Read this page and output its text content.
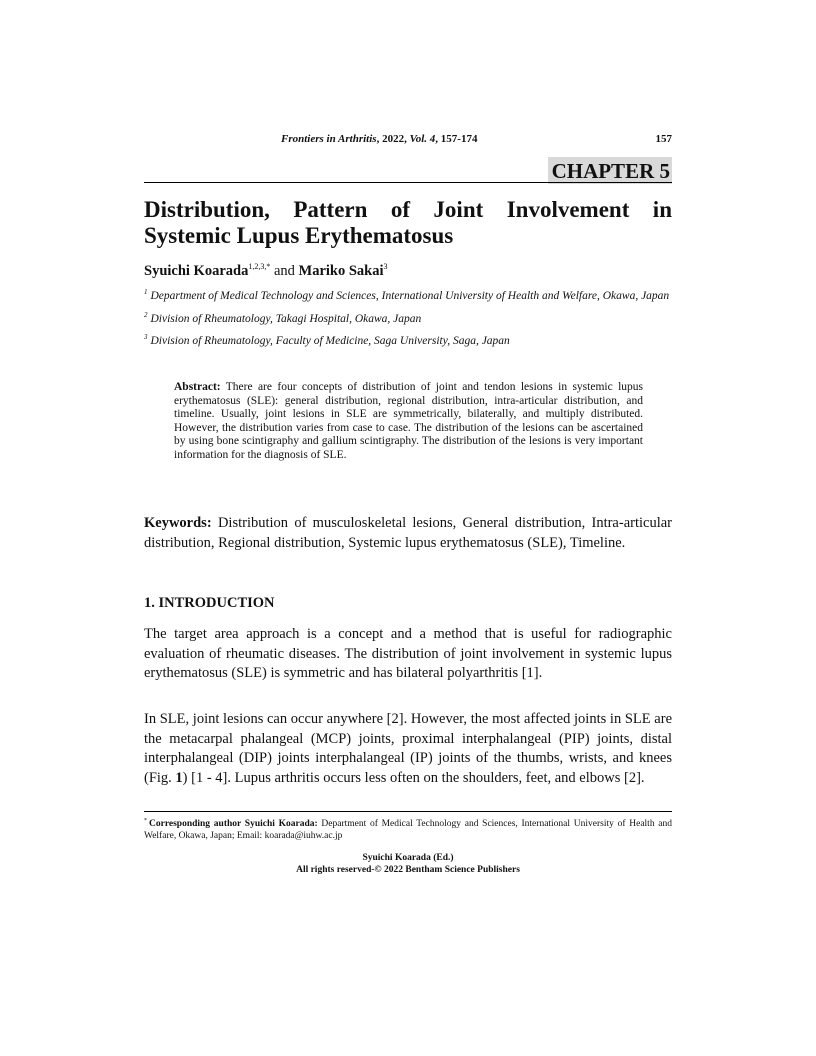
Frontiers in Arthritis, 2022, Vol. 4, 157-174	157
CHAPTER 5
Distribution, Pattern of Joint Involvement in
Systemic Lupus Erythematosus
Syuichi Koarada$^{1,2,3,*}$ and Mariko Sakai$^3$
$^1$ Department of Medical Technology and Sciences, International University of Health and Welfare, Okawa, Japan
$^2$ Division of Rheumatology, Takagi Hospital, Okawa, Japan
$^3$ Division of Rheumatology, Faculty of Medicine, Saga University, Saga, Japan
Abstract: There are four concepts of distribution of joint and tendon lesions in systemic lupus erythematosus (SLE): general distribution, regional distribution, intra-articular distribution, and timeline. Usually, joint lesions in SLE are symmetrically, bilaterally, and multiply distributed. However, the distribution varies from case to case. The distribution of the lesions can be ascertained by using bone scintigraphy and gallium scintigraphy. The distribution of the lesions is very important information for the diagnosis of SLE.
Keywords: Distribution of musculoskeletal lesions, General distribution, Intra-articular distribution, Regional distribution, Systemic lupus erythematosus (SLE), Timeline.
1. INTRODUCTION

The target area approach is a concept and a method that is useful for radiographic evaluation of rheumatic diseases. The distribution of joint involvement in systemic lupus erythematosus (SLE) is symmetric and has bilateral polyarthritis [1].

In SLE, joint lesions can occur anywhere [2]. However, the most affected joints in SLE are the metacarpal phalangeal (MCP) joints, proximal interphalangeal (PIP) joints, distal interphalangeal (DIP) joints interphalangeal (IP) joints of the thumbs, wrists, and knees (Fig. 1) [1 - 4]. Lupus arthritis occurs less often on the shoulders, feet, and elbows [2].

* Corresponding author Syuichi Koarada: Department of Medical Technology and Sciences, International University of Health and Welfare, Okawa, Japan; Email: koarada@iuhw.ac.jp
Syuichi Koarada (Ed.)
All rights reserved-© 2022 Bentham Science Publishers
